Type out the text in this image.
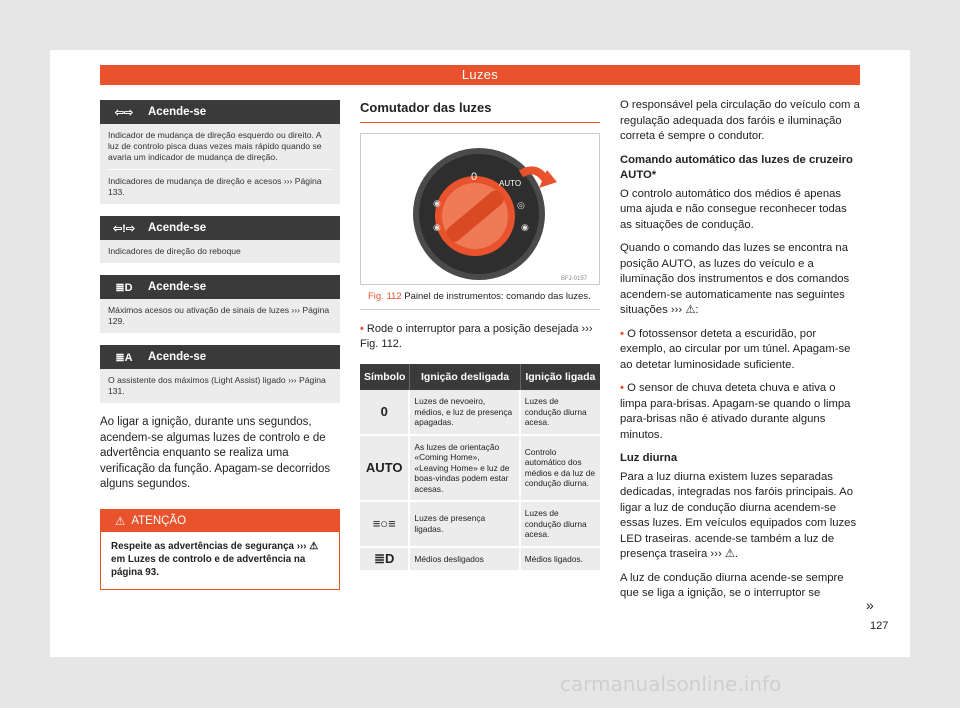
Luzes
⇦⇨	Acende-se

Indicador de mudança de direção esquerdo ou direito. A luz de controlo pisca duas vezes mais rápido quando se avaria um indicador de mudança de direção.

Indicadores de mudança de direção e acesos ››› Página 133.

⇦!⇨	Acende-se

Indicadores de direção do reboque

≣D	Acende-se

Máximos acesos ou ativação de sinais de luzes ››› Página 129.

≣A	Acende-se

O assistente dos máximos (Light Assist) ligado ››› Página 131.

Ao ligar a ignição, durante uns segundos, acendem-se algumas luzes de controlo e de advertência enquanto se realiza uma verificação da função. Apagam-se decorridos alguns segundos.
⚠ ATENÇÃO
Respeite as advertências de segurança ››› ⚠ em Luzes de controlo e de advertência na página 93.
Comutador das luzes
0
AUTO
◉
◉
◎
◉
BFJ-0157
Fig. 112 Painel de instrumentos: comando das luzes.
• Rode o interruptor para a posição desejada ››› Fig. 112.
Símbolo	Ignição desligada	Ignição ligada
0	Luzes de nevoeiro, médios, e luz de presença apagadas.	Luzes de condução diurna acesa.
AUTO	As luzes de orientação «Coming Home», «Leaving Home» e luz de boas-vindas podem estar acesas.	Controlo automático dos médios e da luz de condução diurna.
≡○≡	Luzes de presença ligadas.	Luzes de condução diurna acesa.
≣D	Médios desligados	Médios ligados.

O responsável pela circulação do veículo com a regulação adequada dos faróis e iluminação correta é sempre o condutor.

Comando automático das luzes de cruzeiro AUTO*

O controlo automático dos médios é apenas uma ajuda e não consegue reconhecer todas as situações de condução.

Quando o comando das luzes se encontra na posição AUTO, as luzes do veículo e a iluminação dos instrumentos e dos comandos acendem-se automaticamente nas seguintes situações ››› ⚠:

• O fotossensor deteta a escuridão, por exemplo, ao circular por um túnel. Apagam-se ao detetar luminosidade suficiente.

• O sensor de chuva deteta chuva e ativa o limpa para-brisas. Apagam-se quando o limpa para-brisas não é ativado durante alguns minutos.

Luz diurna

Para a luz diurna existem luzes separadas dedicadas, integradas nos faróis principais. Ao ligar a luz de condução diurna acendem-se essas luzes. Em veículos equipados com luzes LED traseiras. acende-se também a luz de presença traseira ››› ⚠.

A luz de condução diurna acende-se sempre que se liga a ignição, se o interruptor se

»
127
carmanualsonline.info
